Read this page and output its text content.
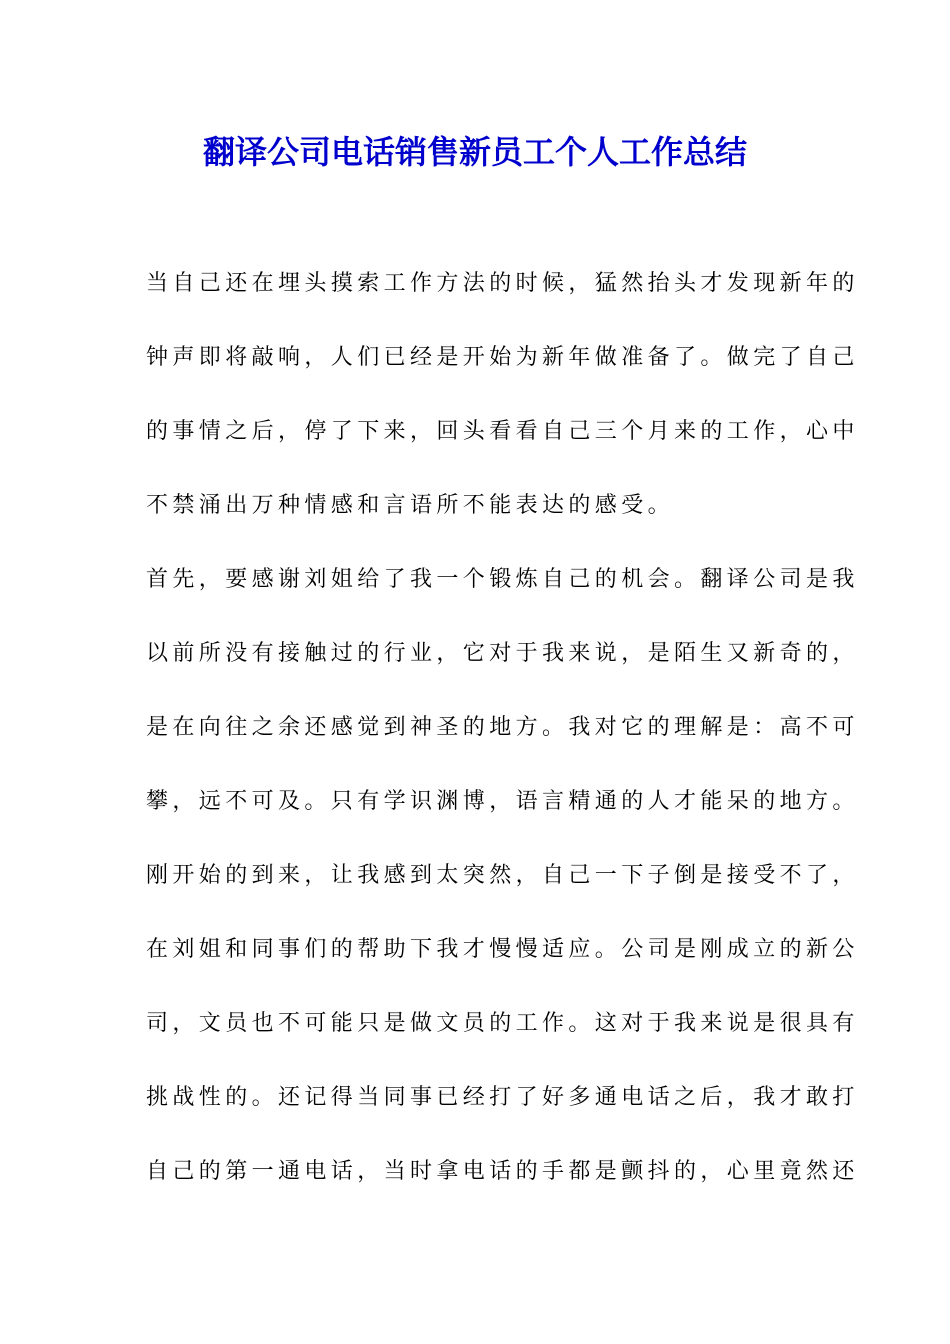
翻译公司电话销售新员工个人工作总结
当自己还在埋头摸索工作方法的时候，猛然抬头才发现新年的
钟声即将敲响，人们已经是开始为新年做准备了。做完了自己
的事情之后，停了下来，回头看看自己三个月来的工作，心中
不禁涌出万种情感和言语所不能表达的感受。
首先，要感谢刘姐给了我一个锻炼自己的机会。翻译公司是我
以前所没有接触过的行业，它对于我来说，是陌生又新奇的，
是在向往之余还感觉到神圣的地方。我对它的理解是：高不可
攀，远不可及。只有学识渊博，语言精通的人才能呆的地方。
刚开始的到来，让我感到太突然，自己一下子倒是接受不了，
在刘姐和同事们的帮助下我才慢慢适应。公司是刚成立的新公
司，文员也不可能只是做文员的工作。这对于我来说是很具有
挑战性的。还记得当同事已经打了好多通电话之后，我才敢打
自己的第一通电话，当时拿电话的手都是颤抖的，心里竟然还
